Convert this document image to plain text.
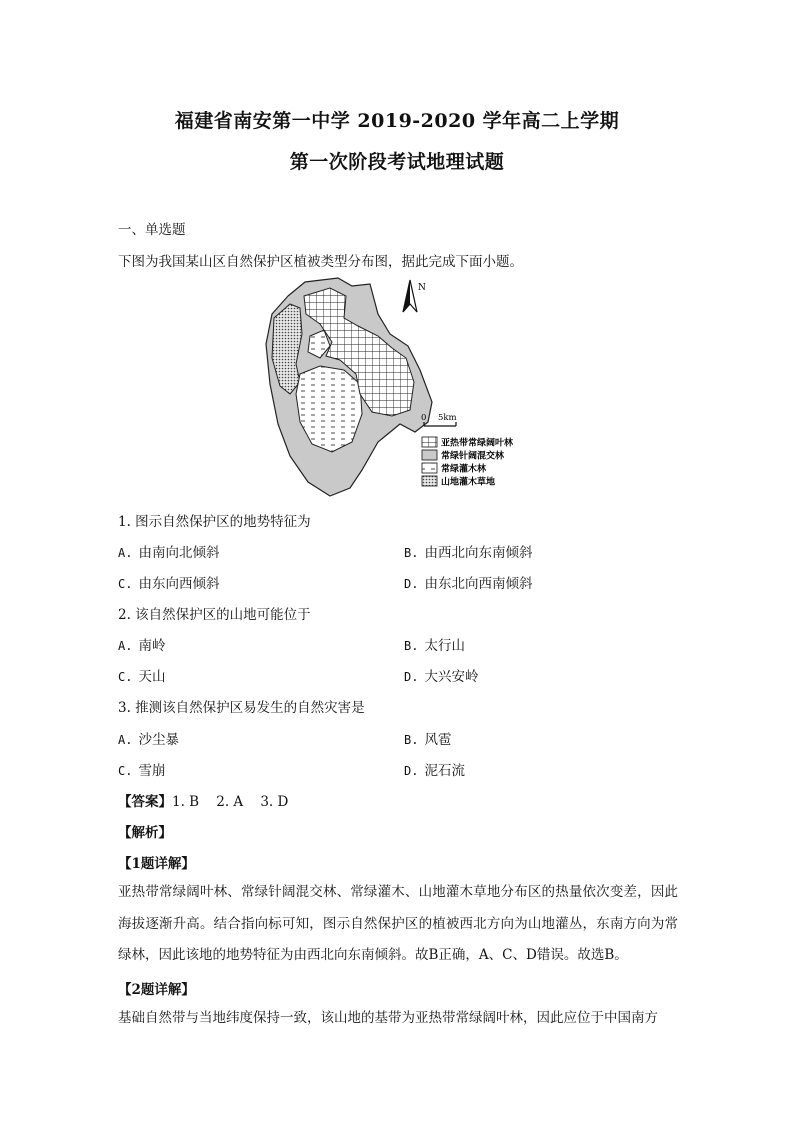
福建省南安第一中学 2019-2020 学年高二上学期
第一次阶段考试地理试题
一、单选题
下图为我国某山区自然保护区植被类型分布图，据此完成下面小题。
N
0 5km
亚热带常绿阔叶林
常绿针阔混交林
常绿灌木林
山地灌木草地
1. 图示自然保护区的地势特征为
A. 由南向北倾斜	B. 由西北向东南倾斜
C. 由东向西倾斜	D. 由东北向西南倾斜
2. 该自然保护区的山地可能位于
A. 南岭	B. 太行山
C. 天山	D. 大兴安岭
3. 推测该自然保护区易发生的自然灾害是
A. 沙尘暴	B. 风雹
C. 雪崩	D. 泥石流
【答案】1. B    2. A    3. D
【解析】
【1题详解】
亚热带常绿阔叶林、常绿针阔混交林、常绿灌木、山地灌木草地分布区的热量依次变差，因此海拔逐渐升高。结合指向标可知，图示自然保护区的植被西北方向为山地灌丛，东南方向为常绿林，因此该地的地势特征为由西北向东南倾斜。故B正确，A、C、D错误。故选B。
【2题详解】
基础自然带与当地纬度保持一致，该山地的基带为亚热带常绿阔叶林，因此应位于中国南方
